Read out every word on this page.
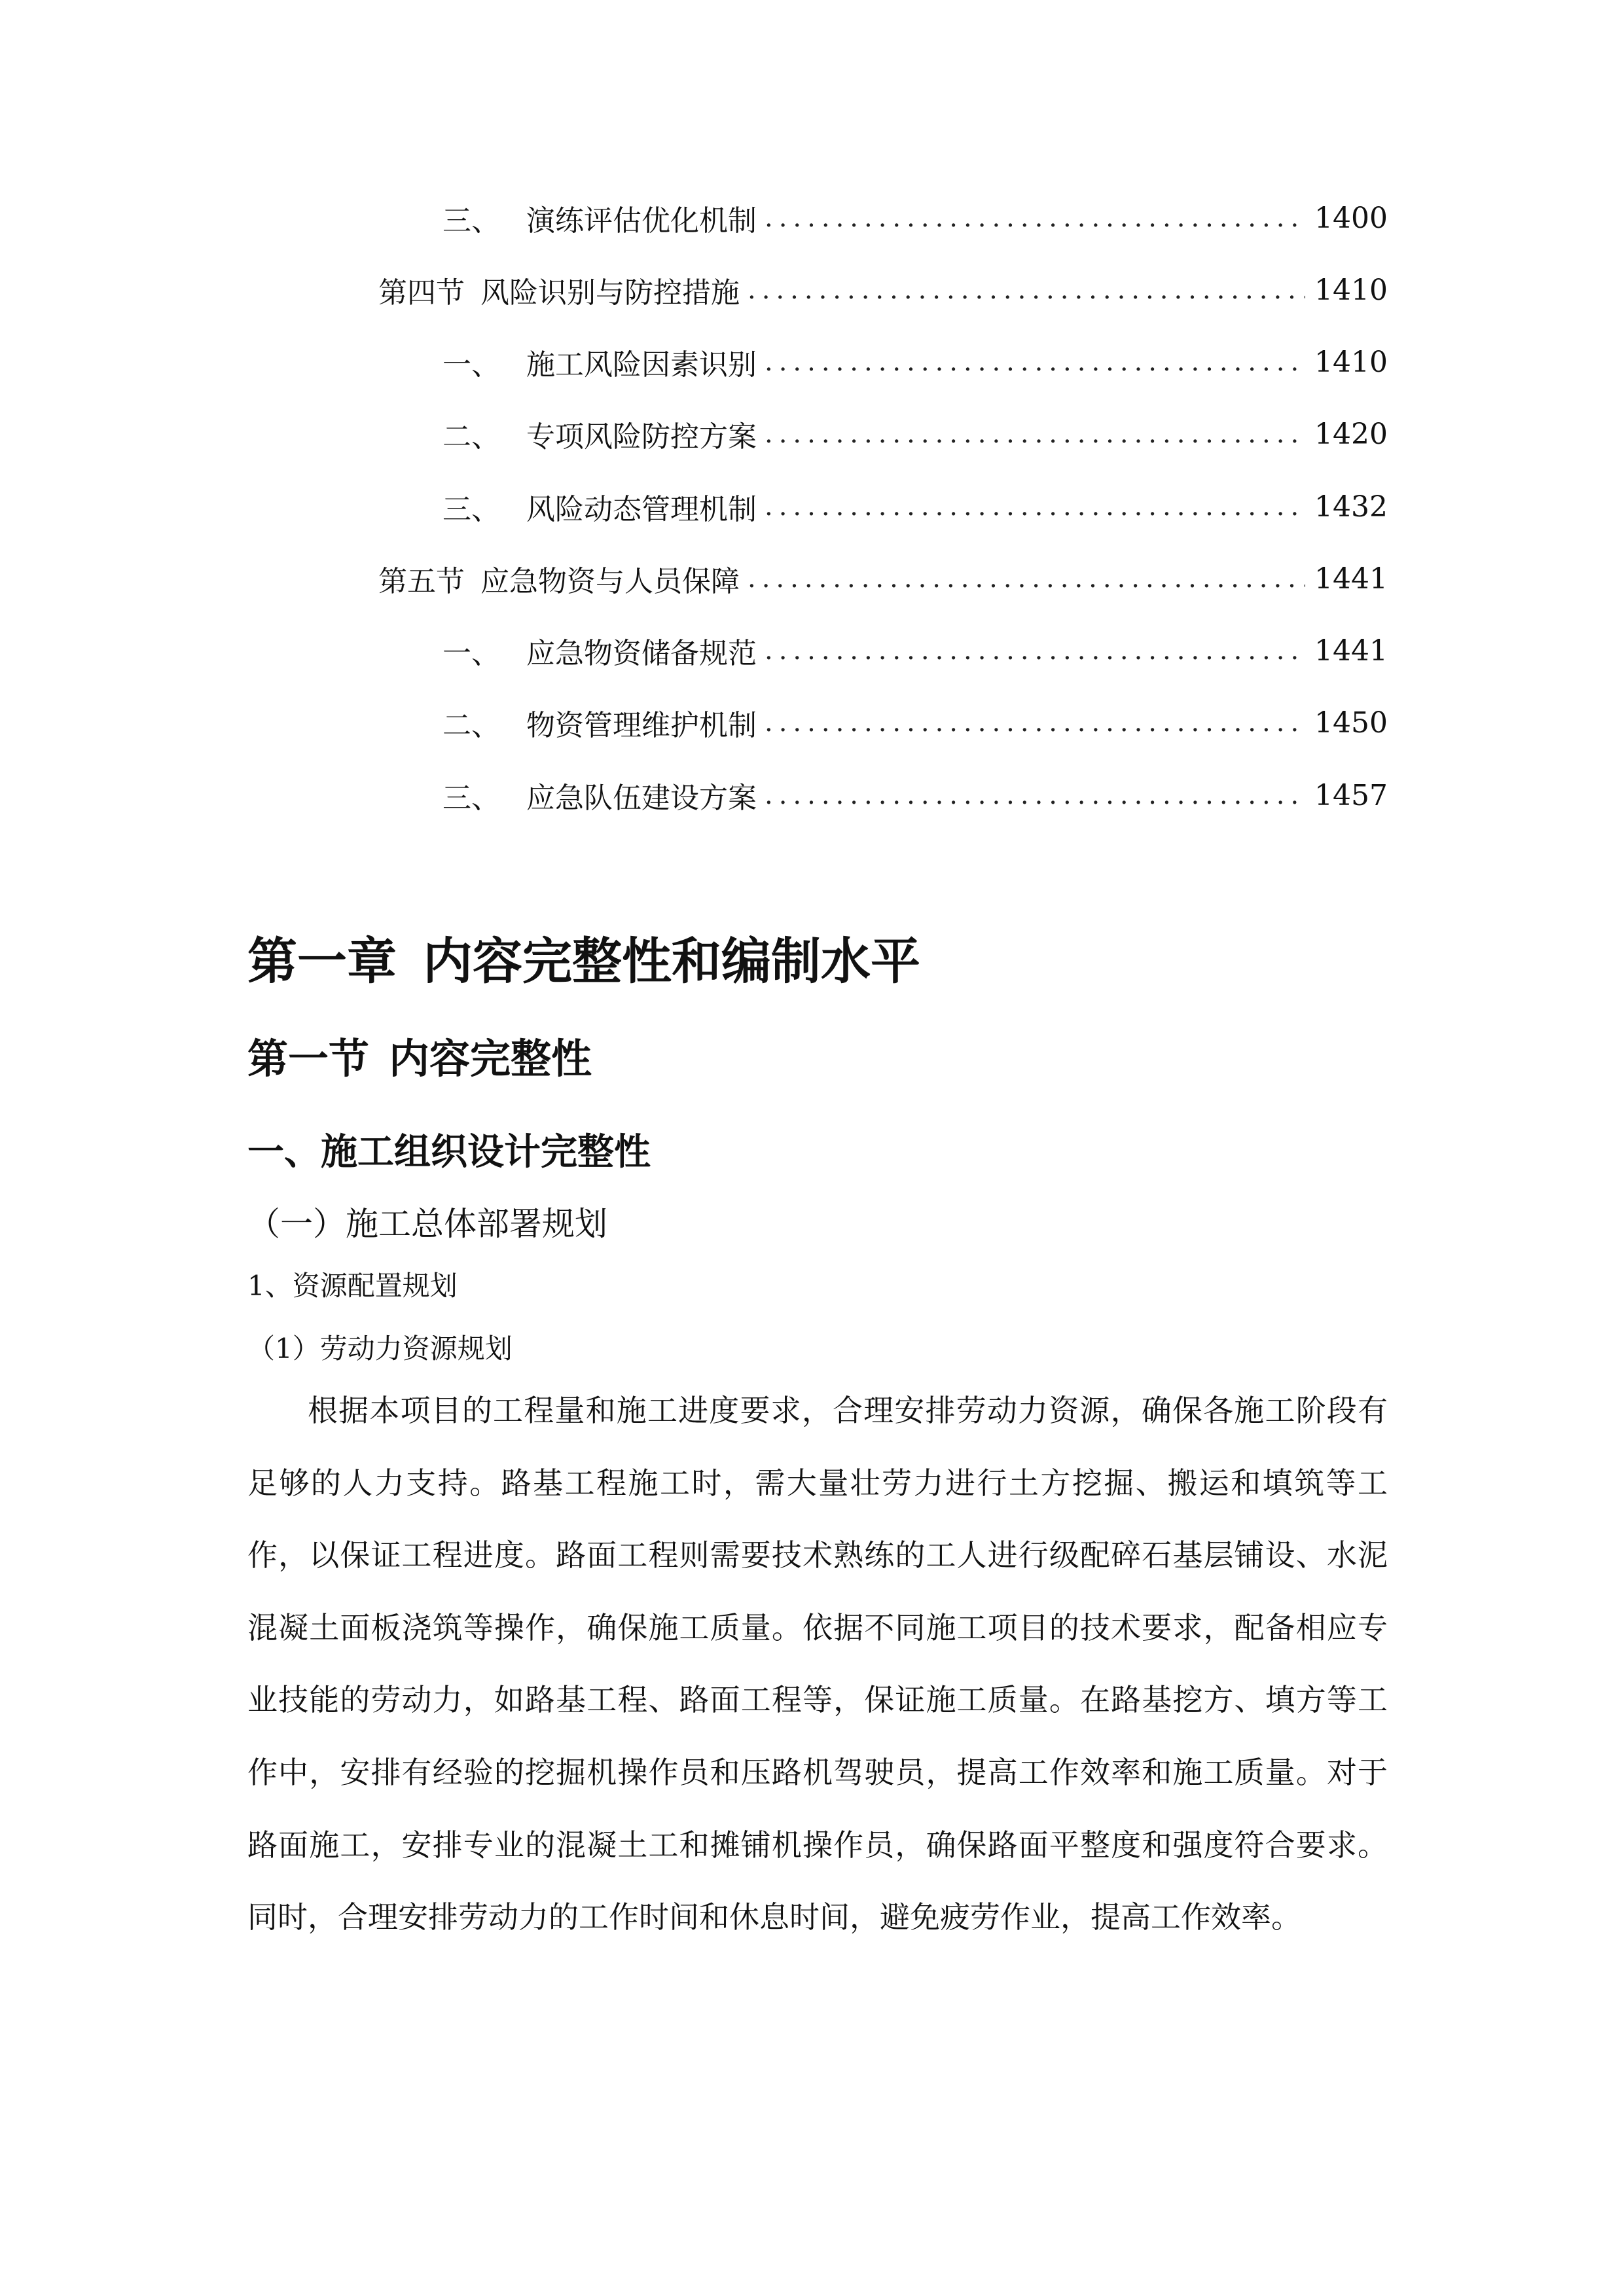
三、 演练评估优化机制 .....	1400
第四节 风险识别与防控措施 .....	1410
一、 施工风险因素识别 .....	1410
二、 专项风险防控方案 .....	1420
三、 风险动态管理机制 .....	1432
第五节 应急物资与人员保障 .....	1441
一、 应急物资储备规范 .....	1441
二、 物资管理维护机制 .....	1450
三、 应急队伍建设方案 .....	1457
第一章 内容完整性和编制水平
第一节 内容完整性
一、施工组织设计完整性
（一）施工总体部署规划
1、资源配置规划
（1）劳动力资源规划

根据本项目的工程量和施工进度要求，合理安排劳动力资源，确保各施工阶段有足够的人力支持。路基工程施工时，需大量壮劳力进行土方挖掘、搬运和填筑等工作，以保证工程进度。路面工程则需要技术熟练的工人进行级配碎石基层铺设、水泥混凝土面板浇筑等操作，确保施工质量。依据不同施工项目的技术要求，配备相应专业技能的劳动力，如路基工程、路面工程等，保证施工质量。在路基挖方、填方等工作中，安排有经验的挖掘机操作员和压路机驾驶员，提高工作效率和施工质量。对于路面施工，安排专业的混凝土工和摊铺机操作员，确保路面平整度和强度符合要求。同时，合理安排劳动力的工作时间和休息时间，避免疲劳作业，提高工作效率。
